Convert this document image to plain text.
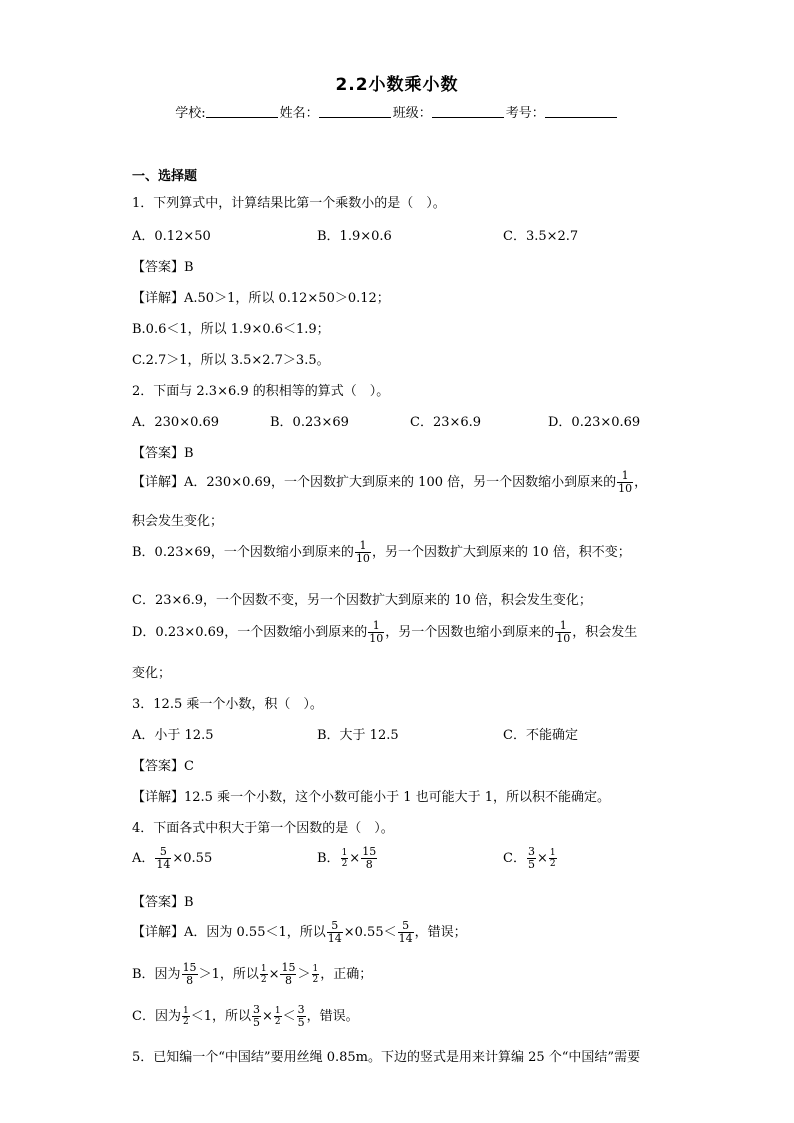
2.2小数乘小数
学校:	姓名：	班级：	考号：
一、选择题
1．下列算式中，计算结果比第一个乘数小的是（　）。
A．0.12×50	B．1.9×0.6	C．3.5×2.7
【答案】B
【详解】A.50＞1，所以 0.12×50＞0.12；
B.0.6＜1，所以 1.9×0.6＜1.9；
C.2.7＞1，所以 3.5×2.7＞3.5。
2．下面与 2.3×6.9 的积相等的算式（　）。
A．230×0.69	B．0.23×69	C．23×6.9	D．0.23×0.69
【答案】B
【详解】A．230×0.69，一个因数扩大到原来的 100 倍，另一个因数缩小到原来的 $\frac{1}{10}$ ，
积会发生变化；
B．0.23×69，一个因数缩小到原来的 $\frac{1}{10}$ ，另一个因数扩大到原来的 10 倍，积不变；
C．23×6.9，一个因数不变，另一个因数扩大到原来的 10 倍，积会发生变化；
D．0.23×0.69，一个因数缩小到原来的 $\frac{1}{10}$ ，另一个因数也缩小到原来的 $\frac{1}{10}$ ，积会发生
变化；
3．12.5 乘一个小数，积（　）。
A．小于 12.5	B．大于 12.5	C．不能确定
【答案】C
【详解】12.5 乘一个小数，这个小数可能小于 1 也可能大于 1，所以积不能确定。
4．下面各式中积大于第一个因数的是（　）。
A． $\frac{5}{14} \times 0.55$	B． $\frac{1}{2} \times \frac{15}{8}$	C． $\frac{3}{5} \times \frac{1}{2}$
【答案】B
【详解】A．因为 0.55＜1，所以 $\frac{5}{14} \times 0.55< \frac{5}{14}$ ，错误；
B．因为 $\frac{15}{8} >1$，所以 $\frac{1}{2} \times \frac{15}{8} > \frac{1}{2}$ ，正确；
C．因为 $\frac{1}{2} <1$，所以 $\frac{3}{5} \times \frac{1}{2} < \frac{3}{5}$ ，错误。
5．已知编一个“中国结”要用丝绳 0.85m。下边的竖式是用来计算编 25 个“中国结”需要
